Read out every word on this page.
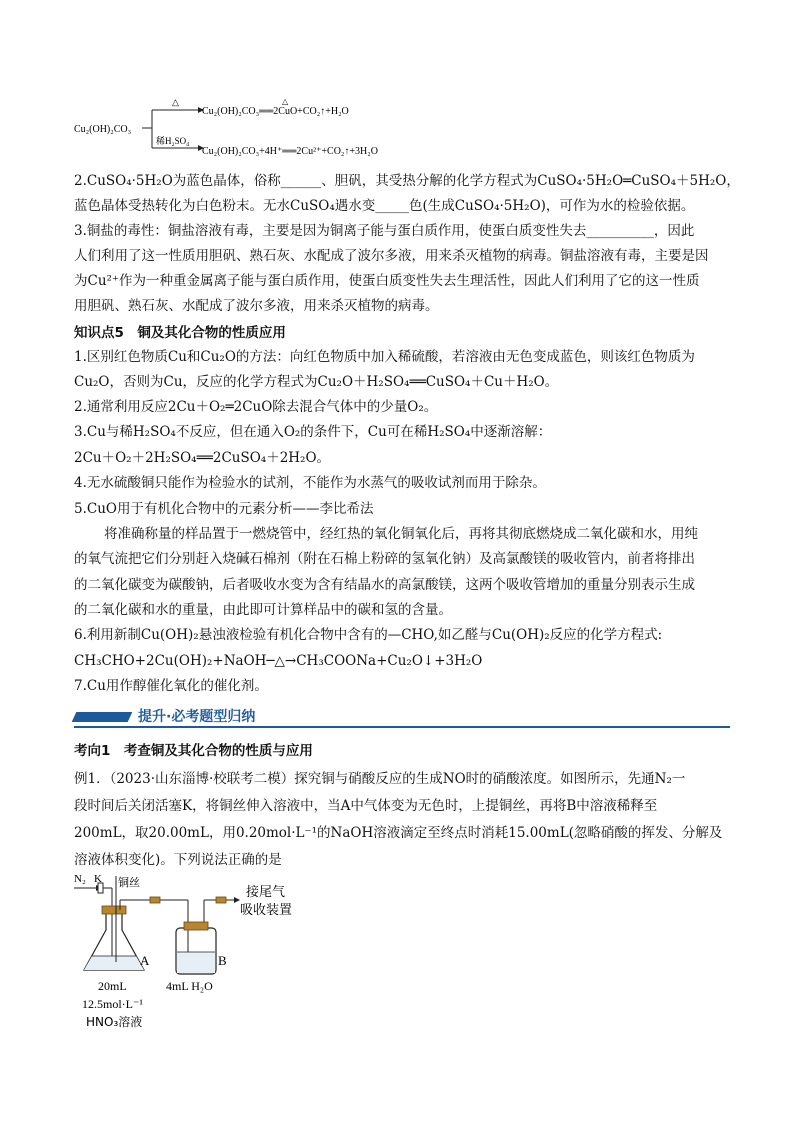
Cu₂(OH)₂CO₃
△
稀H₂SO₄
Cu₂(OH)₂CO₃══2CuO+CO₂↑+H₂O
△
Cu₂(OH)₂CO₃+4H⁺══2Cu²⁺+CO₂↑+3H₂O
2.CuSO₄·5H₂O为蓝色晶体，俗称______、胆矾，其受热分解的化学方程式为CuSO₄·5H₂O═CuSO₄＋5H₂O，
蓝色晶体受热转化为白色粉末。无水CuSO₄遇水变_____色(生成CuSO₄·5H₂O)，可作为水的检验依据。
3.铜盐的毒性：铜盐溶液有毒，主要是因为铜离子能与蛋白质作用，使蛋白质变性失去__________，因此
人们利用了这一性质用胆矾、熟石灰、水配成了波尔多液，用来杀灭植物的病毒。铜盐溶液有毒，主要是因
为Cu²⁺作为一种重金属离子能与蛋白质作用，使蛋白质变性失去生理活性，因此人们利用了它的这一性质
用胆矾、熟石灰、水配成了波尔多液，用来杀灭植物的病毒。
知识点5　铜及其化合物的性质应用
1.区别红色物质Cu和Cu₂O的方法：向红色物质中加入稀硫酸，若溶液由无色变成蓝色，则该红色物质为
Cu₂O，否则为Cu，反应的化学方程式为Cu₂O＋H₂SO₄══CuSO₄＋Cu＋H₂O。
2.通常利用反应2Cu＋O₂═2CuO除去混合气体中的少量O₂。
3.Cu与稀H₂SO₄不反应，但在通入O₂的条件下，Cu可在稀H₂SO₄中逐渐溶解：
2Cu＋O₂＋2H₂SO₄══2CuSO₄＋2H₂O。
4.无水硫酸铜只能作为检验水的试剂，不能作为水蒸气的吸收试剂而用于除杂。
5.CuO用于有机化合物中的元素分析——李比希法
将准确称量的样品置于一燃烧管中，经红热的氧化铜氧化后，再将其彻底燃烧成二氧化碳和水，用纯
的氧气流把它们分别赶入烧碱石棉剂（附在石棉上粉碎的氢氧化钠）及高氯酸镁的吸收管内，前者将排出
的二氧化碳变为碳酸钠，后者吸收水变为含有结晶水的高氯酸镁，这两个吸收管增加的重量分别表示生成
的二氧化碳和水的重量，由此即可计算样品中的碳和氢的含量。
6.利用新制Cu(OH)₂悬浊液检验有机化合物中含有的—CHO,如乙醛与Cu(OH)₂反应的化学方程式:
CH₃CHO+2Cu(OH)₂+NaOH─△→CH₃COONa+Cu₂O↓+3H₂O
7.Cu用作醇催化氧化的催化剂。
提升·必考题型归纳
考向1　考查铜及其化合物的性质与应用
例1．（2023·山东淄博·校联考二模）探究铜与硝酸反应的生成NO时的硝酸浓度。如图所示，先通N₂一
段时间后关闭活塞K，将铜丝伸入溶液中，当A中气体变为无色时，上提铜丝，再将B中溶液稀释至
200mL，取20.00mL，用0.20mol·L⁻¹的NaOH溶液滴定至终点时消耗15.00mL(忽略硝酸的挥发、分解及
溶液体积变化)。下列说法正确的是
N₂ K 铜丝
接尾气
吸收装置
A	B
20mL
12.5mol·L⁻¹
HNO₃溶液
4mL H₂O
